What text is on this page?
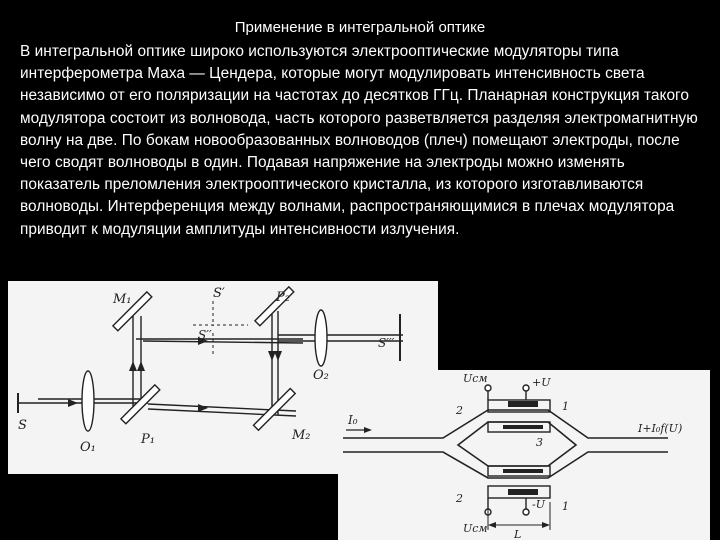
Применение в интегральной оптике
В интегральной оптике широко используются электрооптические модуляторы типа интерферометра Маха — Цендера, которые могут модулировать интенсивность света независимо от его поляризации на частотах до десятков ГГц. Планарная конструкция такого модулятора состоит из волновода, часть которого разветвляется разделяя электромагнитную волну на две. По бокам новообразованных волноводов (плеч) помещают электроды, после чего сводят волноводы в один. Подавая напряжение на электроды можно изменять показатель преломления электрооптического кристалла, из которого изготавливаются волноводы. Интерференция между волнами, распространяющимися в плечах модулятора приводит к модуляции амплитуды интенсивности излучения.
M₁	S′	P₂
S′′
S′′′
O₂
S
O₁
P₁	M₂
I₀
I+I₀f(U)
Uсм	+U
2	1
3
2	-U 1
Uсм L
